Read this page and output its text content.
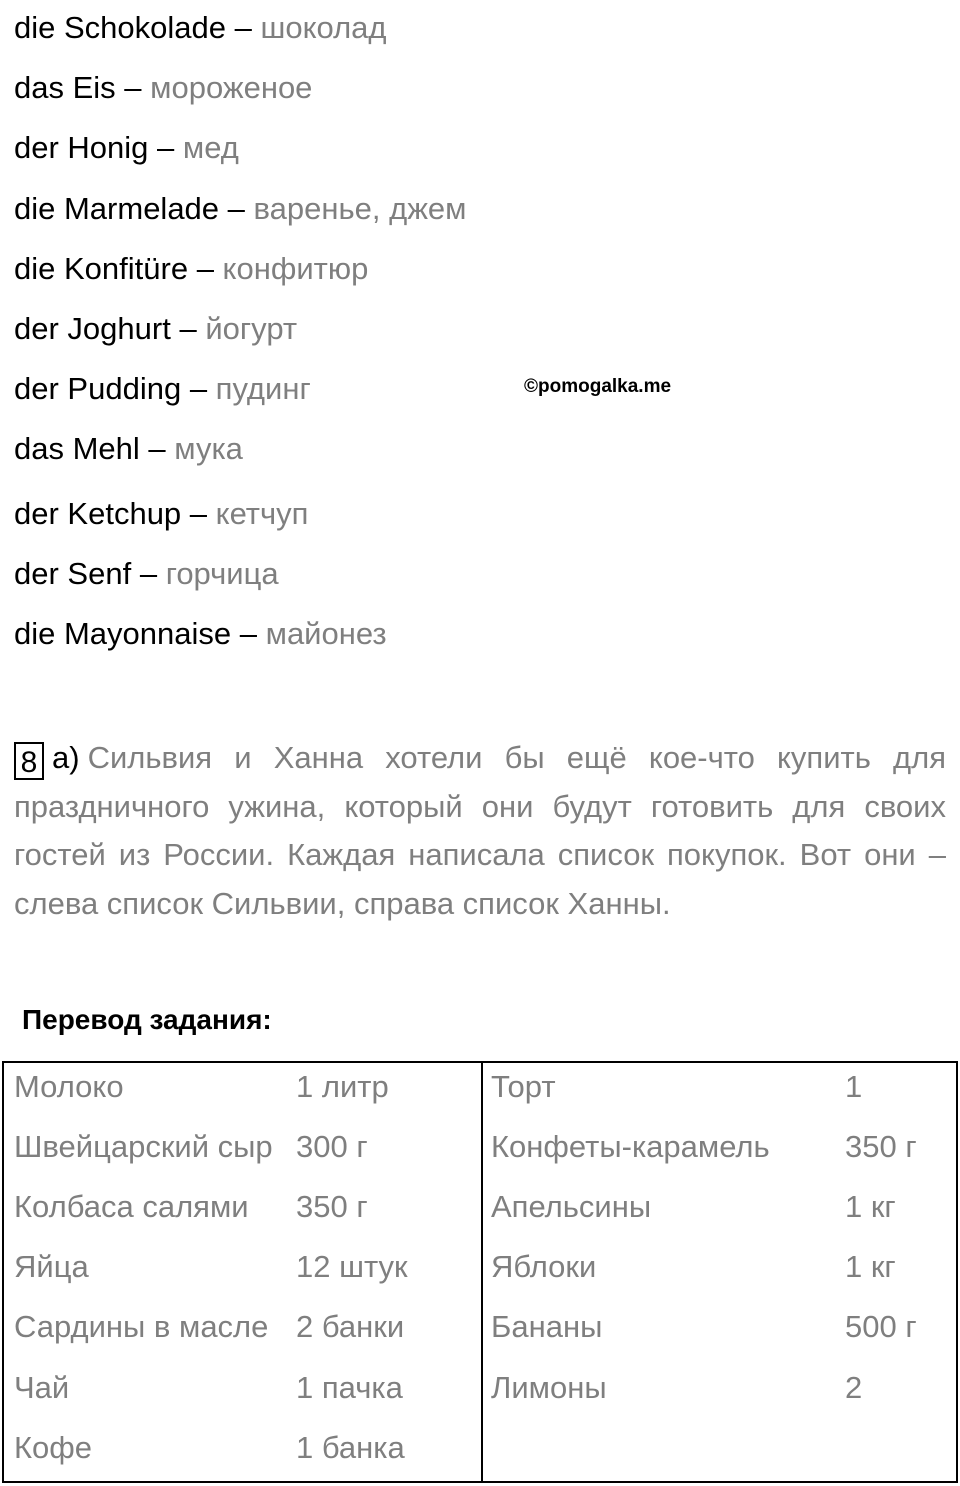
die Schokolade – шоколад
das Eis – мороженое
der Honig – мед
die Marmelade – варенье, джем
die Konfitüre – конфитюр
der Joghurt – йогурт
der Pudding – пудинг
das Mehl – мука
der Ketchup – кетчуп
der Senf – горчица
die Mayonnaise – майонез
©pomogalka.me
8 a) Сильвия и Ханна хотели бы ещё кое-что купить для праздничного ужина, который они будут готовить для своих гостей из России. Каждая написала список покупок. Вот они – слева список Сильвии, справа список Ханны.
Перевод задания:
Молоко	1 литр
Швейцарский сыр 300 г
Колбаса салями 350 г
Яйца	12 штук
Сардины в масле 2 банки
Чай	1 пачка
Кофе	1 банка
Торт	1
Конфеты-карамель 350 г
Апельсины	1 кг
Яблоки	1 кг
Бананы	500 г
Лимоны	2
